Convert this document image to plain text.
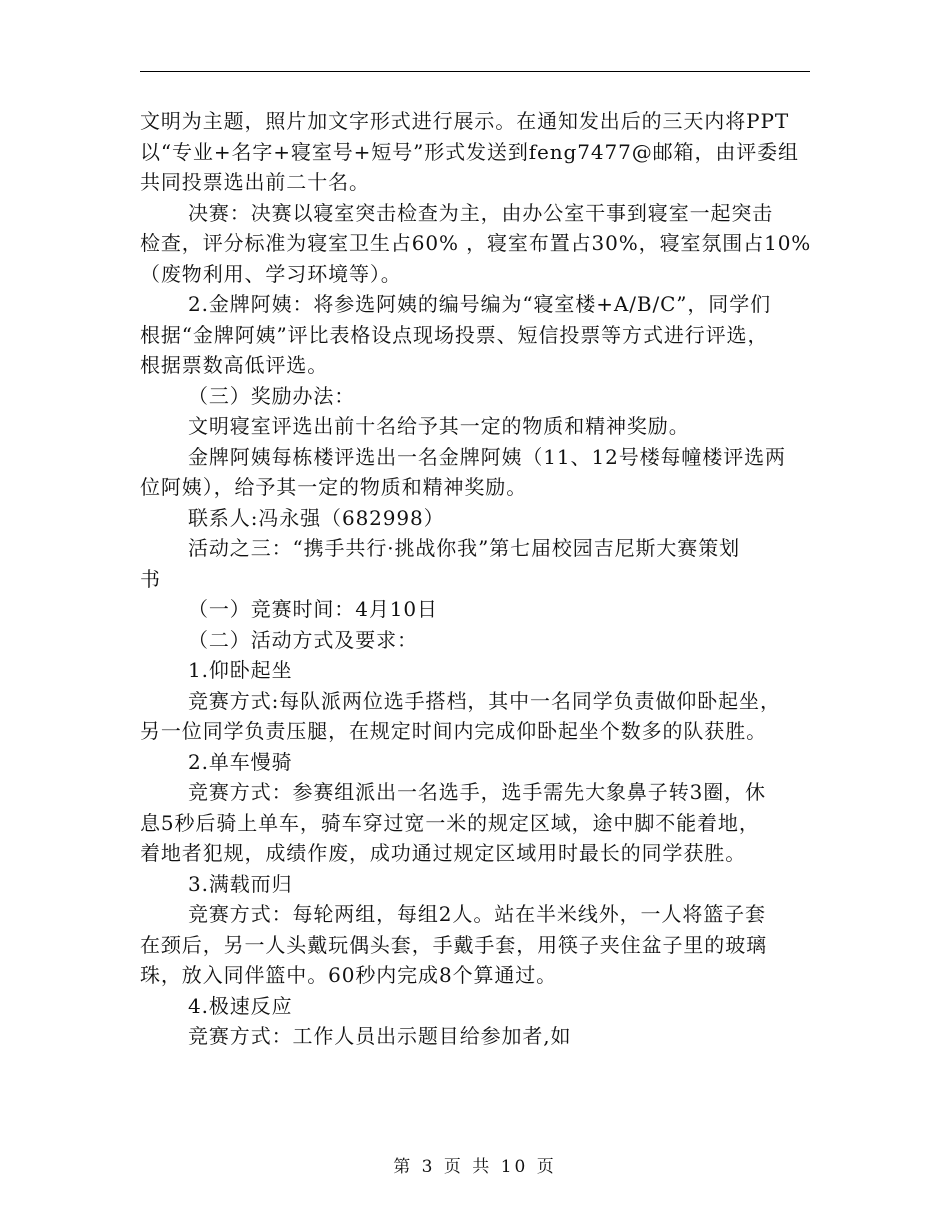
文明为主题，照片加文字形式进行展示。在通知发出后的三天内将PPT
以“专业+名字+寝室号+短号”形式发送到feng7477@邮箱，由评委组
共同投票选出前二十名。
决赛：决赛以寝室突击检查为主，由办公室干事到寝室一起突击
检查，评分标准为寝室卫生占60% ，寝室布置占30%，寝室氛围占10%
（废物利用、学习环境等）。
2.金牌阿姨：将参选阿姨的编号编为“寝室楼+A/B/C”，同学们
根据“金牌阿姨”评比表格设点现场投票、短信投票等方式进行评选，
根据票数高低评选。
（三）奖励办法：
文明寝室评选出前十名给予其一定的物质和精神奖励。
金牌阿姨每栋楼评选出一名金牌阿姨（11、12号楼每幢楼评选两
位阿姨），给予其一定的物质和精神奖励。
联系人:冯永强（682998）
活动之三：“携手共行·挑战你我”第七届校园吉尼斯大赛策划
书
（一）竞赛时间：4月10日
（二）活动方式及要求：
1.仰卧起坐
竞赛方式:每队派两位选手搭档，其中一名同学负责做仰卧起坐，
另一位同学负责压腿，在规定时间内完成仰卧起坐个数多的队获胜。
2.单车慢骑
竞赛方式：参赛组派出一名选手，选手需先大象鼻子转3圈，休
息5秒后骑上单车，骑车穿过宽一米的规定区域，途中脚不能着地，
着地者犯规，成绩作废，成功通过规定区域用时最长的同学获胜。
3.满载而归
竞赛方式：每轮两组，每组2人。站在半米线外，一人将篮子套
在颈后，另一人头戴玩偶头套，手戴手套，用筷子夹住盆子里的玻璃
珠，放入同伴篮中。60秒内完成8个算通过。
4.极速反应
竞赛方式：工作人员出示题目给参加者,如
第 3 页 共 10 页
